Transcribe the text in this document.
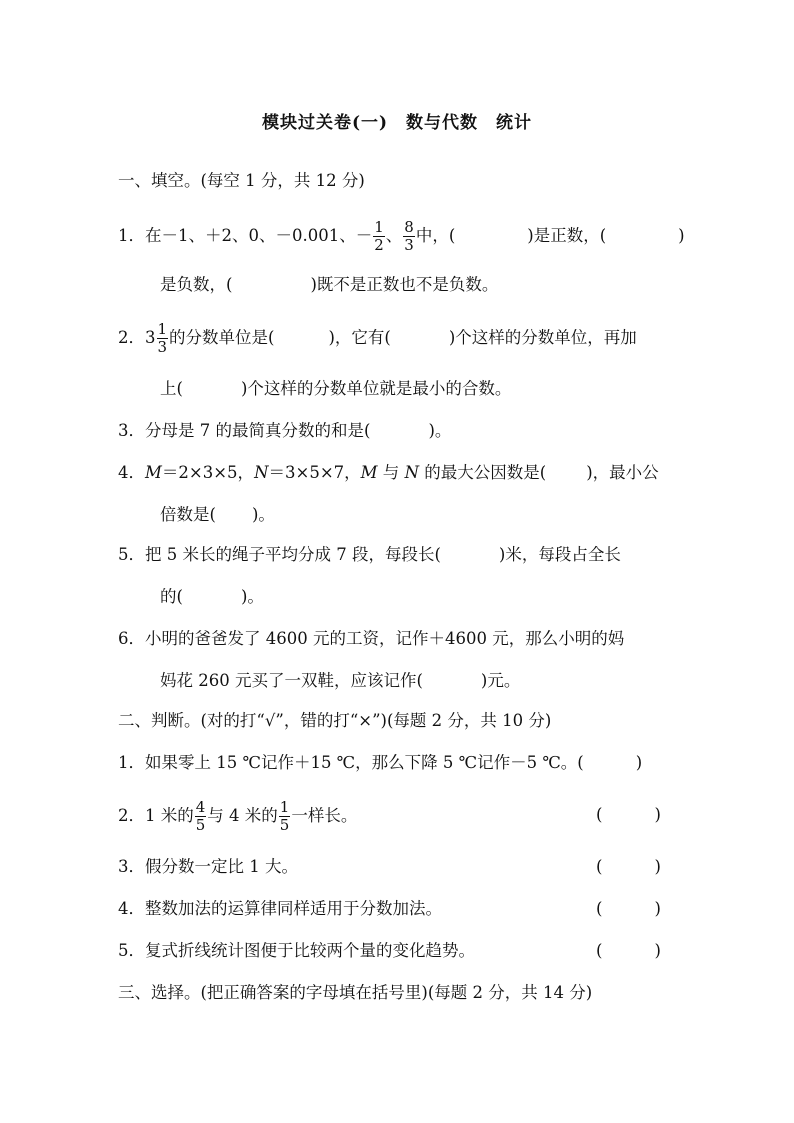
模块过关卷(一) 数与代数 统计
一、填空。(每空 1 分，共 12 分)
1．在－1、＋2、0、－0.001、－ $\frac{1}{2}$ 、 $\frac{8}{3}$ 中，(	)是正数，(	)
是负数，(	)既不是正数也不是负数。
2．$3 \frac{1}{3}$ 的分数单位是(	)，它有(	)个这样的分数单位，再加
上(	)个这样的分数单位就是最小的合数。
3．分母是 7 的最简真分数的和是(	)。
4．M＝2×3×5，N＝3×5×7，M 与 N 的最大公因数是( )，最小公
倍数是( )。
5．把 5 米长的绳子平均分成 7 段，每段长(	)米，每段占全长
的(	)。
6．小明的爸爸发了 4600 元的工资，记作＋4600 元，那么小明的妈
妈花 260 元买了一双鞋，应该记作(	)元。
二、判断。(对的打“√”，错的打“×”)(每题 2 分，共 10 分)
1．如果零上 15 ℃记作＋15 ℃，那么下降 5 ℃记作－5 ℃。(	)
2．1 米的 $\frac{4}{5}$ 与 4 米的 $\frac{1}{5}$ 一样长。	(	)
3．假分数一定比 1 大。	(	)
4．整数加法的运算律同样适用于分数加法。	(	)
5．复式折线统计图便于比较两个量的变化趋势。	(	)
三、选择。(把正确答案的字母填在括号里)(每题 2 分，共 14 分)
